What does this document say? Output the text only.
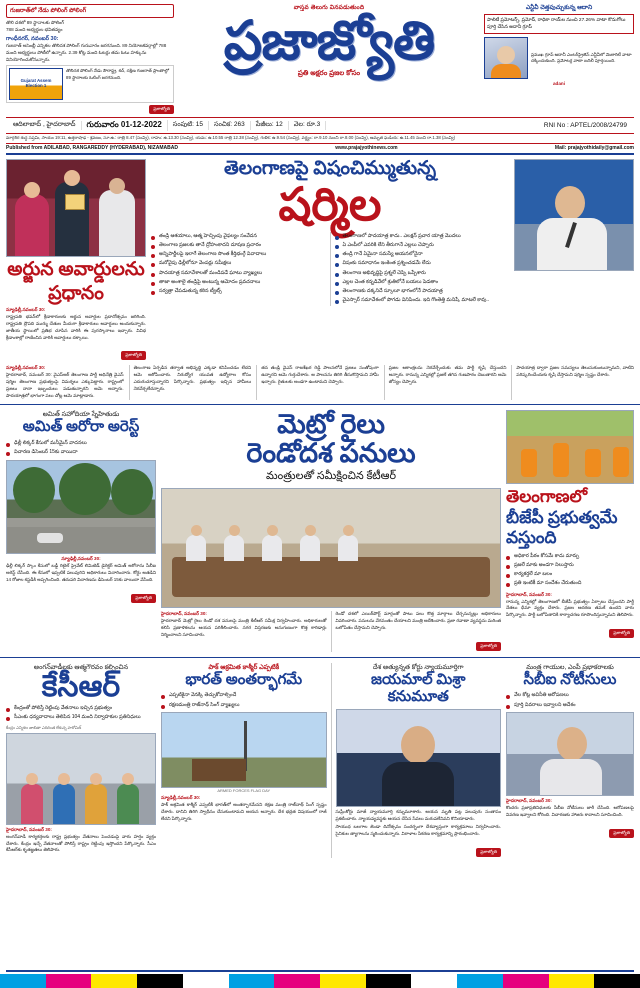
గుజరాత్‌లో నేడు పోలింగ్ పోలింగ్
తొలి దశలో 89 స్థానాలకు పోలింగ్
788 మంది అభ్యర్థుల భవితవ్యం
గాంధీనగర్, నవంబర్ 30:
గుజరాత్ అసెంబ్లీ ఎన్నికల తొలిదశ పోలింగ్ గురువారం జరగనుంది. 89 నియోజకవర్గాల్లో 788 మంది అభ్యర్థులు పోటీలో ఉన్నారు. 2.39 కోట్ల మంది ఓటర్లు తమ ఓటు హక్కును వినియోగించుకోనున్నారు.
Gujarat Assem
Election 1
తొలిదశ పోలింగ్ నేడు సౌరాష్ట్ర, కచ్, దక్షిణ గుజరాత్ ప్రాంతాల్లో 89 స్థానాలకు ఓటింగ్ జరగనుంది.
ప్రజాజ్యోతి
వాస్తవ తెలుగు వినపడుతుంది
ప్రజాజ్యోతి
ప్రతి అక్షరం ప్రజల కోసం
ఎన్టీవీ చెత్తపుచ్చుకున్న ఆదాని
పాలిటీ ప్రమోటర్స్, ప్రమోద్, రాధికా రాయ్‌ల నుంచి 27.26% వాటా కొనుగోలు పూర్తి చేసిన అదానీ గ్రూప్
ప్రముఖ గ్రూప్ అదానీ ఎంటర్‌ప్రైజెస్ ఎన్టీవీలో మెజారిటీ వాటా దక్కించుకుంది. ప్రమోటర్ల వాటా బదిలీ పూర్తయింది.
adani
ఆదిలాబాద్ , హైదరాబాద్	గురువారం 01-12-2022	సంపుటి: 15	సంచిక: 263	పేజీలు: 12	వెల: రూ.3	RNI No : APTEL/2008/24799
మార్గశిర శుద్ధ సప్తమి, సాయం 19:11, ఉత్తరాషాఢ - శ్రవణం, సూ.ఉ.: రాత్రి 8.47 (సంవ్వి), రాహు: ఉ.13.30 (సంవ్వి), యమ: ఉ.10.55 రాత్రి 12.38 (సంవ్వి), గుళిక: ఉ.9.54 (సంవ్వి), వర్జ్యం: రా.9.10 నుంచి రా.8.00 (సంవ్వి), అమృత ఘడియ: ఉ.11.45 నుంచి రా.1.38 (సంవ్వి)
Published from ADILABAD, RANGAREDDY (HYDERABAD), NIZAMABAD	www.prajajyothinews.com	Mail: prajajyothidaily@gmail.com
అర్జున అవార్డులను
ప్రధానం
న్యూఢిల్లీ,నవంబర్ 30:
రాష్ట్రపతి భవన్‌లో క్రీడాకారులకు అర్జున అవార్డుల ప్రదానోత్సవం జరిగింది. రాష్ట్రపతి ద్రౌపది ముర్ము చేతుల మీదుగా క్రీడాకారులు అవార్డులు అందుకున్నారు. జాతీయ స్థాయిలో ప్రతిభ చూపిన వారికి ఈ పురస్కారాలు ఇచ్చారు. వివిధ క్రీడాంశాల్లో రాణించిన వారికి అవార్డులు దక్కాయి.
ప్రజాజ్యోతి
తెలంగాణపై విషంచిమ్ముతున్న
షర్మిల
తండ్రి ఆశయాలు, ఆత్మ హెచ్చింపు వైఫల్యం సంవేదన
తెలంగాణ ప్రజలకు తానే ద్రోహంకాదని దూషణ ప్రచారం
అన్నిపార్టీలపై ఇలాగే తెలంగాణ సొంత కీర్తిభంగ్గే వివాదాలు
మరోవైపు ఢిల్లీలోనూ వెంపర్లు సమీక్షలు
పాదయాత్ర సమావేశాలతో మండిపడే ఘాటు వ్యాఖ్యలు
తాజా అంశాలై తండ్రిపై అంటున్న ఆమోదం ప్రవచనాలు
సర్వత్రా చేపడుతున్న కఠిన ట్వీట్స్
తెలంగాణలో పాదయాత్ర కాదు.. ఎలక్షన్ ప్రచార యాత్ర మొదలు
ఏ ఎంపీలో ఎవరికి లేని తీరుగానే ఎల్లలు చెప్పారు
తండ్రి గానే ఏమైనా సమస్యే ఆయనలోనైనా
విషంకు సమాధానం ఇంకెంత ప్రశ్నించడమే లేదు
తెలంగాణ అభివృద్ధిపై ప్రశ్నలే చెప్పి ఒప్పేశారు
ఎల్లల చెంత కన్నడివేలో శ్రుతిలోనే బయలు పెడతాం
తెలంగాణకు దక్కనిదే స్కూలూ భాగంలోనే పాదయాత్ర
వైఎస్సార్ సమావేశంలో పొగడు వినిపిందు. ఇది గొంతెత్తి మనిషే, మాటలే కావు..
న్యూఢిల్లీ,నవంబర్ 30:
హైదరాబాద్, నవంబర్ 30: వైఎస్ఆర్ తెలంగాణ పార్టీ అధినేత్రి వైఎస్ షర్మిల తెలంగాణ ప్రభుత్వంపై విమర్శలు ఎక్కుపెట్టారు. రాష్ట్రంలో ప్రజలు నానా ఇబ్బందులు పడుతున్నారని ఆమె అన్నారు. పాదయాత్రలో భాగంగా పలు చోట్ల ఆమె మాట్లాడారు.
తెలంగాణ ఏర్పడిన తర్వాత అభివృద్ధి ఎక్కడా కనిపించడం లేదని ఆమె ఆరోపించారు. నిరుద్యోగ యువత ఉద్యోగాల కోసం ఎదురుచూస్తున్నారని పేర్కొన్నారు. ప్రభుత్వం ఇచ్చిన హామీలు నెరవేర్చలేదన్నారు.
తన తండ్రి వైఎస్ రాజశేఖర రెడ్డి పాలనలోనే ప్రజలు సంతోషంగా ఉన్నారని ఆమె గుర్తుచేశారు. ఆ పాలనను తిరిగి తీసుకొస్తామని హామీ ఇచ్చారు. రైతులకు అండగా ఉంటామని చెప్పారు.
ప్రజల ఆకాంక్షలను నెరవేర్చేందుకు తమ పార్టీ కృషి చేస్తుందని అన్నారు. రానున్న ఎన్నికల్లో ప్రజలే తగిన గుణపాఠం చెబుతారని ఆమె జోస్యం చెప్పారు.
పాదయాత్ర ద్వారా ప్రజల సమస్యలు తెలుసుకుంటున్నామని, వాటిని పరిష్కరించేందుకు కృషి చేస్తామని షర్మిల స్పష్టం చేశారు.
అమిత్ సహోదియా స్నేహితుడు
అమిత్ అరోరా అరెస్ట్
ఢిల్లీ లిక్కర్ కేసులో మనీమైన్ వాదనలు
విచారణ డిసెంబర్ 15కు వాయిదా
న్యూఢిల్లీ,నవంబర్ 30:
ఢిల్లీ లిక్కర్ స్కాం కేసులో బడ్డీ రిటైల్ ప్రైవేట్ లిమిటెడ్ డైరెక్టర్ అమిత్ అరోరాను సీబీఐ అరెస్ట్ చేసింది. ఈ కేసులో ఇప్పటికే పలువురిని అధికారులు విచారించారు. కోర్టు అతడిని 14 రోజుల కస్టడీకి అప్పగించింది. తదుపరి విచారణను డిసెంబర్ 15కు వాయిదా వేసింది.
ప్రజాజ్యోతి
మెట్రో రైలు
రెండోదశ పనులు
మంత్రులతో సమీక్షించిన కేటీఆర్
హైదరాబాద్, నవంబర్ 30:
హైదరాబాద్ మెట్రో రైలు రెండో దశ పనులపై మంత్రి కేటీఆర్ సమీక్ష నిర్వహించారు. అధికారులతో కలిసి ప్రణాళికలను ఆయన పరిశీలించారు. నగర విస్తరణకు అనుగుణంగా కొత్త కారిడార్లు నిర్మించాలని సూచించారు.
రెండో దశలో ఎయిర్‌పోర్ట్ మార్గంతో పాటు పలు కొత్త మార్గాలు చేర్చనున్నట్లు అధికారులు వివరించారు. పనులను వేగవంతం చేయాలని మంత్రి ఆదేశించారు. ప్రజా రవాణా వ్యవస్థను మరింత బలోపేతం చేస్తామని చెప్పారు.
ప్రజాజ్యోతి
తెలంగాణలో
బీజేపీ ప్రభుత్వమే
వస్తుంది
అధికార పీఠం కోసమే కాదు మార్పు
ప్రజలే మాకు అండగా నిలుస్తారు
కార్యకర్తలే మా బలం
ప్రతి ఇంటికీ మా సందేశం చేరుతుంది
హైదరాబాద్, నవంబర్ 30:
రానున్న ఎన్నికల్లో తెలంగాణలో బీజేపీ ప్రభుత్వం ఏర్పాటు చేస్తుందని పార్టీ నేతలు ధీమా వ్యక్తం చేశారు. ప్రజల ఆదరణ తమకే ఉందని వారు పేర్కొన్నారు. పార్టీ బలోపేతానికి కార్యాచరణ రూపొందిస్తున్నామని తెలిపారు.
ప్రజాజ్యోతి
అంగన్‌వాడీలకు ఆత్మగౌరవం కల్పించిన
కేసీఆర్
కేంద్రంతో పోలిస్తే రెట్టింపు వేతనాలు ఇచ్చిన ప్రభుత్వం
సీఎంకు ధన్యవాదాలు తెలిపిన 104 మంది నిర్వాహకుల ప్రతినిధులు
కేంద్రం ఎన్నికల జాబితా ఎదిరింత లేకున్న హరోమిక్
హైదరాబాద్, నవంబర్ 30:
అంగన్‌వాడీ కార్యకర్తలకు రాష్ట్ర ప్రభుత్వం వేతనాలు పెంచడంపై వారు హర్షం వ్యక్తం చేశారు. కేంద్రం ఇచ్చే వేతనాలతో పోలిస్తే రాష్ట్రం రెట్టింపు ఇస్తోందని పేర్కొన్నారు. సీఎం కేసీఆర్‌కు కృతజ్ఞతలు తెలిపారు.
పాక్ ఆక్రమిత కాశ్మీర్ ఎప్పటికీ
భారత్ అంతర్భాగమే
ఎప్పటికైనా వెనక్కి తెచ్చుకోవాల్సిందే
రక్షణమంత్రి రాజ్‌నాథ్ సింగ్ వ్యాఖ్యలు
ARMED FORCES FLAG DAY
న్యూఢిల్లీ,నవంబర్ 30:
పాక్ ఆక్రమిత కాశ్మీర్ ఎప్పటికీ భారత్‌లో అంతర్భాగమేనని రక్షణ మంత్రి రాజ్‌నాథ్ సింగ్ స్పష్టం చేశారు. దానిని తిరిగి స్వాధీనం చేసుకుంటామని ఆయన అన్నారు. దేశ భద్రత విషయంలో రాజీ లేదని పేర్కొన్నారు.
దేశ అత్యున్నత కోర్టు న్యాయమూర్తిగా
జయమాల్ మిశ్రా
కనుమూత
సుప్రీంకోర్టు మాజీ న్యాయమూర్తి కన్నుమూశారు. ఆయన మృతి పట్ల పలువురు సంతాపం ప్రకటించారు. న్యాయవ్యవస్థకు ఆయన చేసిన సేవలు మరువలేనివని కొనియాడారు.
సాయుధ బలగాల జెండా దినోత్సవం సందర్భంగా దేశవ్యాప్తంగా కార్యక్రమాలు నిర్వహించారు. సైనికుల త్యాగాలను స్మరించుకున్నారు. విరాళాల సేకరణ కార్యక్రమాన్ని ప్రారంభించారు.
ప్రజాజ్యోతి
మంత్ర గాయుల, ఎంపీ ప్రభాకరాలకు
సీబీఐ నోటీసులు
వేల కోట్ల అవినీతి ఆరోపణలు
పూర్తి వివరాలు ఇవ్వాలని ఆదేశం
హైదరాబాద్, నవంబర్ 30:
కొందరు ప్రజాప్రతినిధులకు సీబీఐ నోటీసులు జారీ చేసింది. ఆరోపణలపై వివరణ ఇవ్వాలని కోరింది. విచారణకు హాజరు కావాలని సూచించింది.
ప్రజాజ్యోతి
